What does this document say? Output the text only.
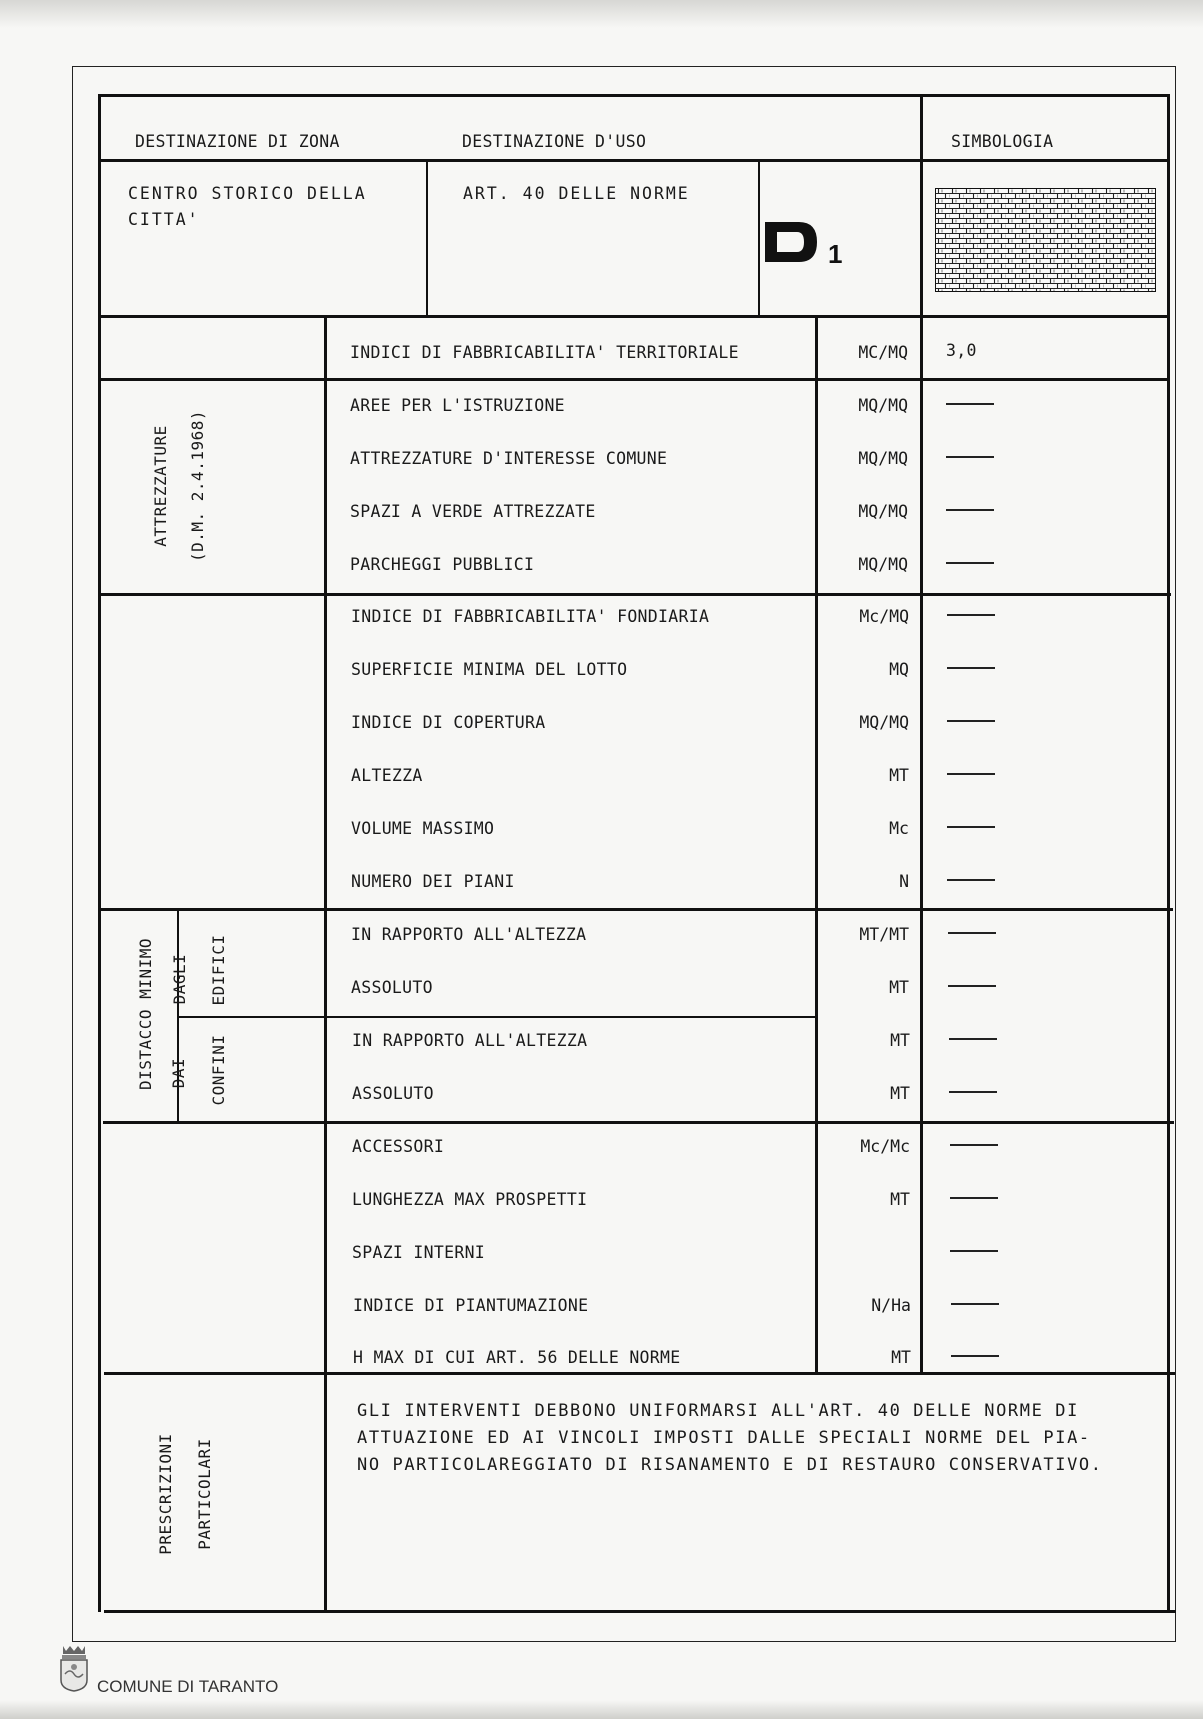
DESTINAZIONE DI ZONA	DESTINAZIONE D'USO	SIMBOLOGIA
CENTRO STORICO DELLA
CITTA'
ART. 40 DELLE NORME
1
ATTREZZATURE (D.M. 2.4.1968)
DISTACCO MINIMO DAGLI EDIFICI
DAI CONFINI
PRESCRIZIONI PARTICOLARI
INDICI DI FABBRICABILITA' TERRITORIALE	MC/MQ 3,0
AREE PER L'ISTRUZIONE	MQ/MQ
ATTREZZATURE D'INTERESSE COMUNE	MQ/MQ
SPAZI A VERDE ATTREZZATE	MQ/MQ
PARCHEGGI PUBBLICI	MQ/MQ
INDICE DI FABBRICABILITA' FONDIARIA	Mc/MQ
SUPERFICIE MINIMA DEL LOTTO	MQ
INDICE DI COPERTURA	MQ/MQ
ALTEZZA	MT
VOLUME MASSIMO	Mc
NUMERO DEI PIANI	N
IN RAPPORTO ALL'ALTEZZA	MT/MT
ASSOLUTO	MT
IN RAPPORTO ALL'ALTEZZA	MT
ASSOLUTO	MT
ACCESSORI	Mc/Mc
LUNGHEZZA MAX PROSPETTI	MT
SPAZI INTERNI
INDICE DI PIANTUMAZIONE	N/Ha
H MAX DI CUI ART. 56 DELLE NORME	MT
GLI INTERVENTI DEBBONO UNIFORMARSI ALL'ART. 40 DELLE NORME DI
ATTUAZIONE ED AI VINCOLI IMPOSTI DALLE SPECIALI NORME DEL PIA-
NO PARTICOLAREGGIATO DI RISANAMENTO E DI RESTAURO CONSERVATIVO.
COMUNE DI TARANTO
